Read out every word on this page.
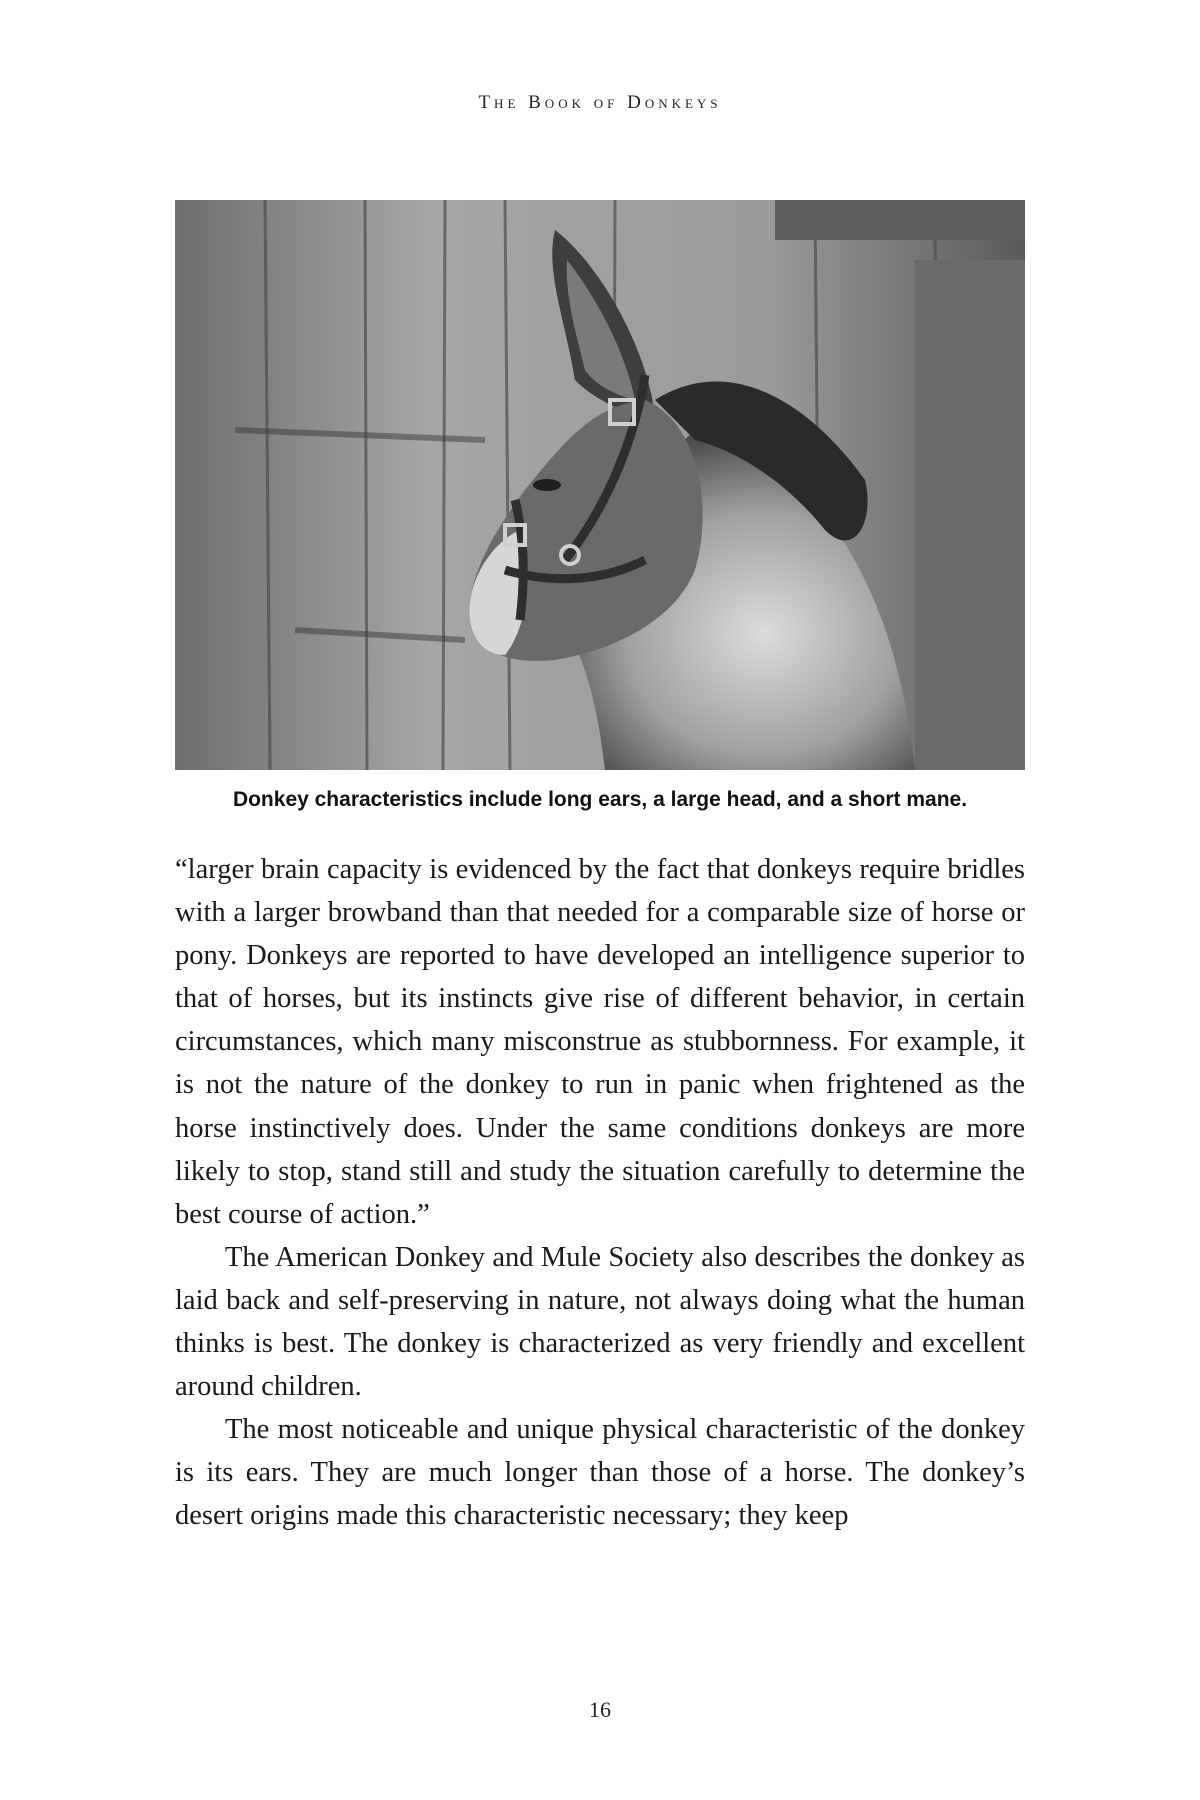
The Book of Donkeys
Donkey characteristics include long ears, a large head, and a short mane.

“larger brain capacity is evidenced by the fact that donkeys require bridles with a larger browband than that needed for a comparable size of horse or pony. Donkeys are reported to have developed an intelligence superior to that of horses, but its instincts give rise of different behavior, in certain circumstances, which many misconstrue as stubbornness. For example, it is not the nature of the donkey to run in panic when frightened as the horse instinctively does. Under the same conditions donkeys are more likely to stop, stand still and study the situation carefully to determine the best course of action.”

The American Donkey and Mule Society also describes the donkey as laid back and self-preserving in nature, not always doing what the human thinks is best. The donkey is characterized as very friendly and excellent around children.

The most noticeable and unique physical characteristic of the donkey is its ears. They are much longer than those of a horse. The donkey’s desert origins made this characteristic necessary; they keep

16
